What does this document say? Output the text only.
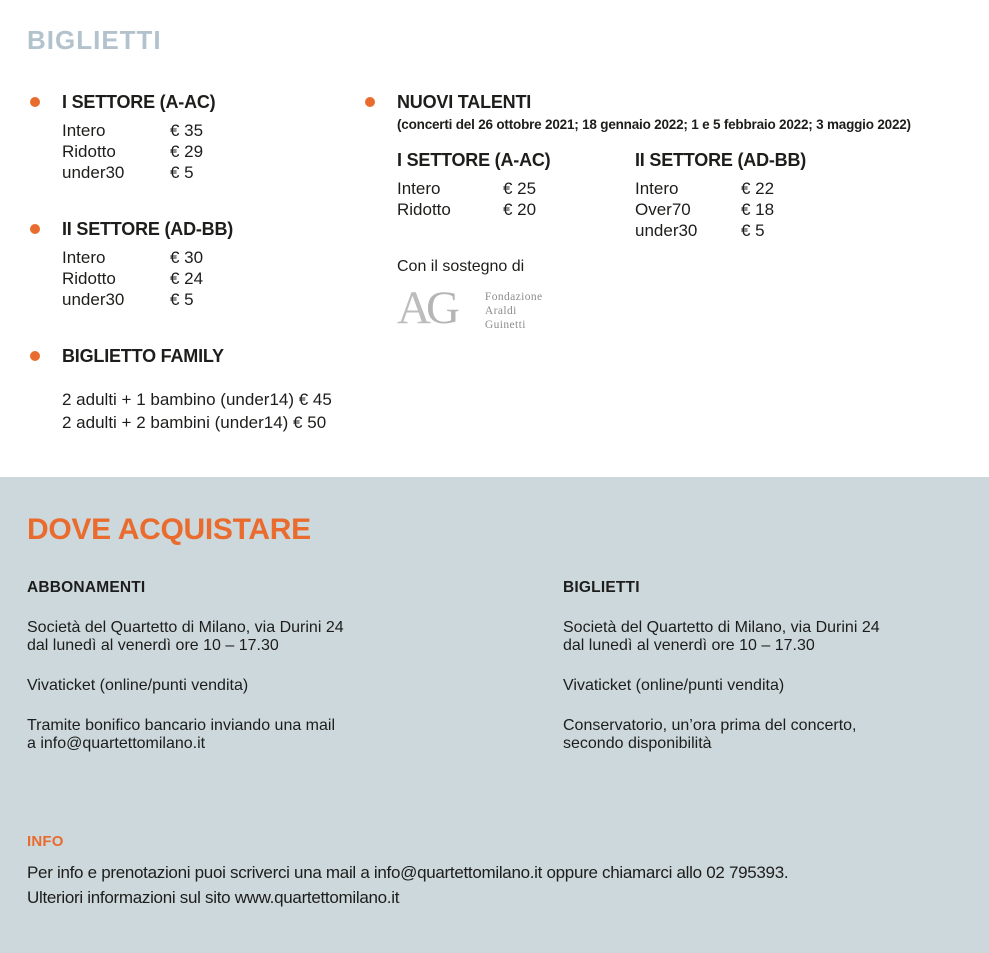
BIGLIETTI
I SETTORE (A-AC)
Intero	€ 35
Ridotto	€ 29
under30	€ 5
II SETTORE (AD-BB)
Intero	€ 30
Ridotto	€ 24
under30	€ 5
BIGLIETTO FAMILY
2 adulti + 1 bambino (under14) € 45
2 adulti + 2 bambini (under14) € 50
NUOVI TALENTI
(concerti del 26 ottobre 2021; 18 gennaio 2022; 1 e 5 febbraio 2022; 3 maggio 2022)
I SETTORE (A-AC)
Intero	€ 25
Ridotto	€ 20
II SETTORE (AD-BB)
Intero	€ 22
Over70	€ 18
under30	€ 5
Con il sostegno di
AG Fondazione
Araldi
Guinetti
DOVE ACQUISTARE
ABBONAMENTI

Società del Quartetto di Milano, via Durini 24
dal lunedì al venerdì ore 10 – 17.30

Vivaticket (online/punti vendita)

Tramite bonifico bancario inviando una mail
a info@quartettomilano.it

BIGLIETTI

Società del Quartetto di Milano, via Durini 24
dal lunedì al venerdì ore 10 – 17.30

Vivaticket (online/punti vendita)

Conservatorio, un’ora prima del concerto,
secondo disponibilità

INFO
Per info e prenotazioni puoi scriverci una mail a info@quartettomilano.it oppure chiamarci allo 02 795393.
Ulteriori informazioni sul sito www.quartettomilano.it
